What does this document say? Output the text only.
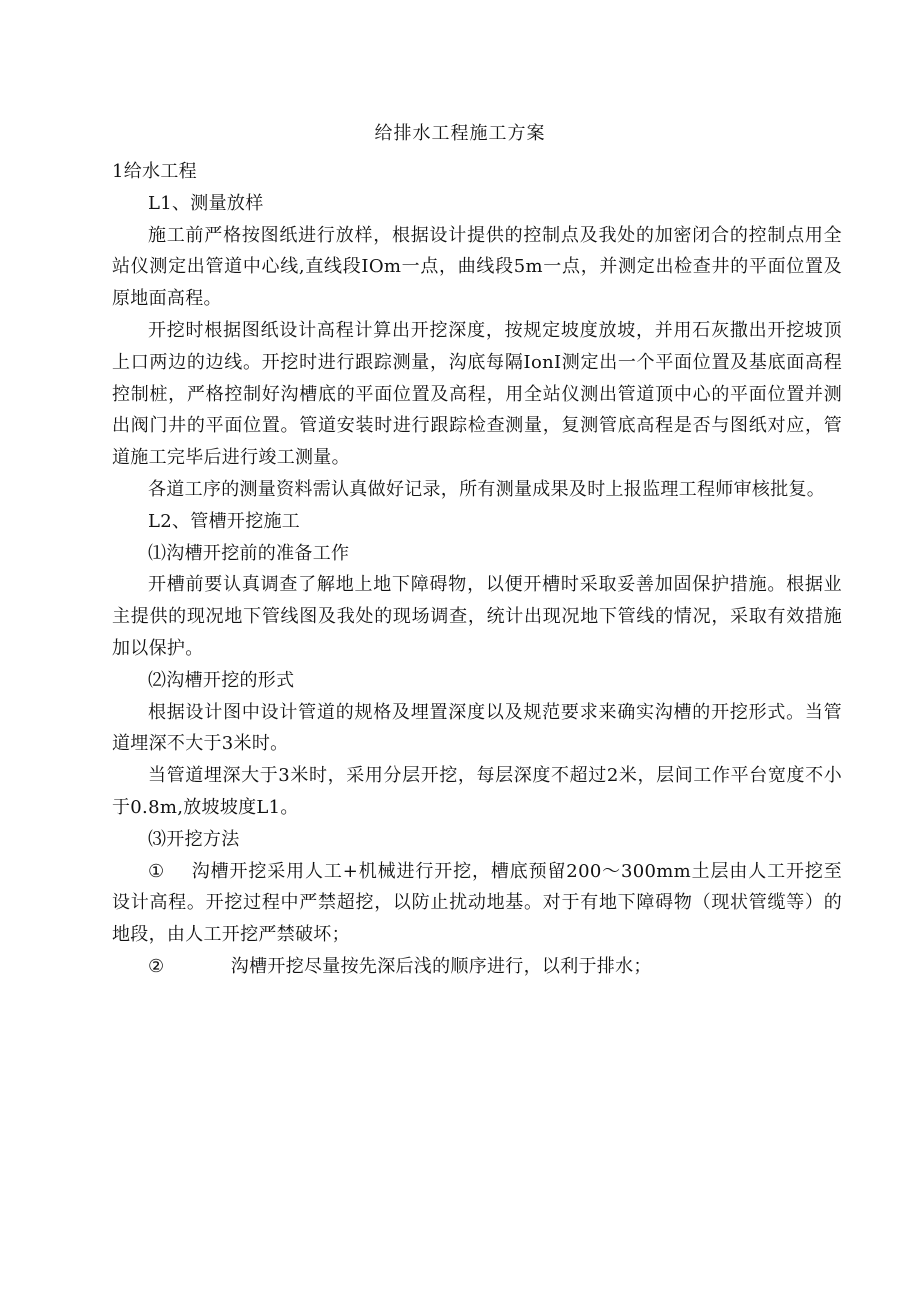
给排水工程施工方案

1给水工程

L1、测量放样

施工前严格按图纸进行放样，根据设计提供的控制点及我处的加密闭合的控制点用全站仪测定出管道中心线,直线段IOm一点，曲线段5m一点，并测定出检查井的平面位置及原地面高程。

开挖时根据图纸设计高程计算出开挖深度，按规定坡度放坡，并用石灰撒出开挖坡顶上口两边的边线。开挖时进行跟踪测量，沟底每隔IonI测定出一个平面位置及基底面高程控制桩，严格控制好沟槽底的平面位置及高程，用全站仪测出管道顶中心的平面位置并测出阀门井的平面位置。管道安装时进行跟踪检查测量，复测管底高程是否与图纸对应，管道施工完毕后进行竣工测量。

各道工序的测量资料需认真做好记录，所有测量成果及时上报监理工程师审核批复。

L2、管槽开挖施工

⑴沟槽开挖前的准备工作

开槽前要认真调查了解地上地下障碍物，以便开槽时采取妥善加固保护措施。根据业主提供的现况地下管线图及我处的现场调查，统计出现况地下管线的情况，采取有效措施加以保护。

⑵沟槽开挖的形式

根据设计图中设计管道的规格及埋置深度以及规范要求来确实沟槽的开挖形式。当管道埋深不大于3米时。

当管道埋深大于3米时，采用分层开挖，每层深度不超过2米，层间工作平台宽度不小于0.8m,放坡坡度L1。

⑶开挖方法

① 沟槽开挖采用人工+机械进行开挖，槽底预留200～300mm土层由人工开挖至设计高程。开挖过程中严禁超挖，以防止扰动地基。对于有地下障碍物（现状管缆等）的地段，由人工开挖严禁破坏；

②	沟槽开挖尽量按先深后浅的顺序进行，以利于排水；
